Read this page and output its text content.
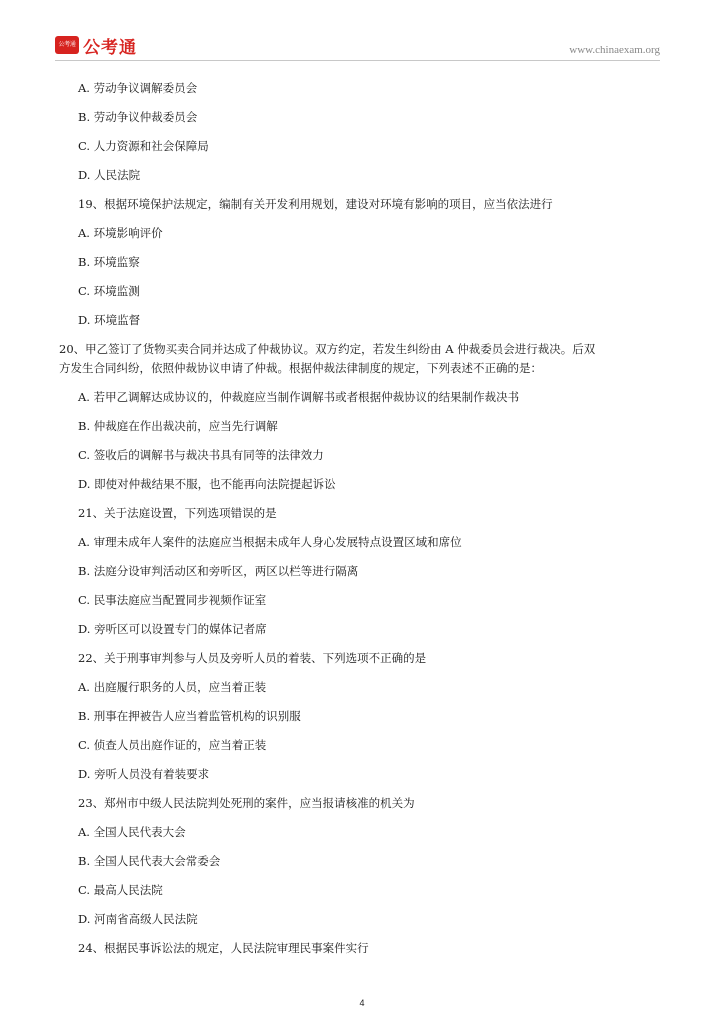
公考通 公考通	www.chinaexam.org
A. 劳动争议调解委员会
B. 劳动争议仲裁委员会
C. 人力资源和社会保障局
D. 人民法院
19、根据环境保护法规定，编制有关开发利用规划，建设对环境有影响的项目，应当依法进行
A. 环境影响评价
B. 环境监察
C. 环境监测
D. 环境监督
20、甲乙签订了货物买卖合同并达成了仲裁协议。双方约定，若发生纠纷由 A 仲裁委员会进行裁决。后双
方发生合同纠纷，依照仲裁协议申请了仲裁。根据仲裁法律制度的规定，下列表述不正确的是：
A. 若甲乙调解达成协议的，仲裁庭应当制作调解书或者根据仲裁协议的结果制作裁决书
B. 仲裁庭在作出裁决前，应当先行调解
C. 签收后的调解书与裁决书具有同等的法律效力
D. 即使对仲裁结果不服，也不能再向法院提起诉讼
21、关于法庭设置，下列选项错误的是
A. 审理未成年人案件的法庭应当根据未成年人身心发展特点设置区域和席位
B. 法庭分设审判活动区和旁听区，两区以栏等进行隔离
C. 民事法庭应当配置同步视频作证室
D. 旁听区可以设置专门的媒体记者席
22、关于刑事审判参与人员及旁听人员的着装、下列选项不正确的是
A. 出庭履行职务的人员，应当着正装
B. 刑事在押被告人应当着监管机构的识别服
C. 侦查人员出庭作证的，应当着正装
D. 旁听人员没有着装要求
23、郑州市中级人民法院判处死刑的案件，应当报请核准的机关为
A. 全国人民代表大会
B. 全国人民代表大会常委会
C. 最高人民法院
D. 河南省高级人民法院
24、根据民事诉讼法的规定，人民法院审理民事案件实行
4
